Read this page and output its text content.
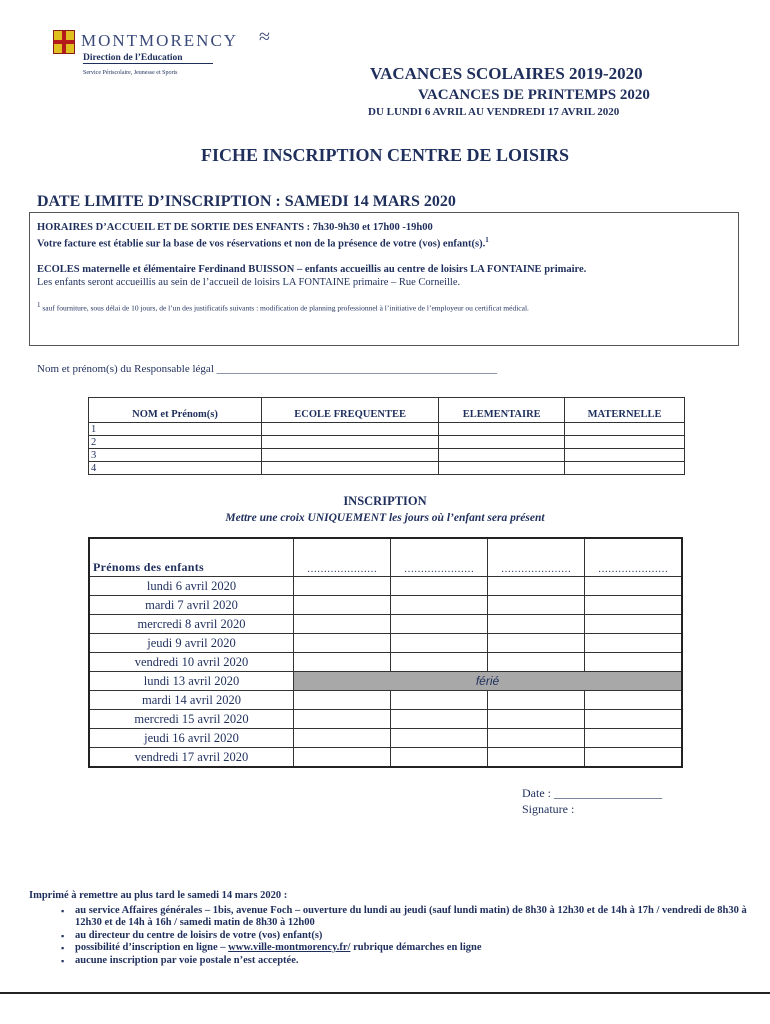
MONTMORENCY ≈
Direction de l’Education
Service Périscolaire, Jeunesse et Sports	VACANCES SCOLAIRES 2019-2020
VACANCES DE PRINTEMPS 2020
DU LUNDI 6 AVRIL AU VENDREDI 17 AVRIL 2020
FICHE INSCRIPTION CENTRE DE LOISIRS
DATE LIMITE D’INSCRIPTION : SAMEDI 14 MARS 2020

HORAIRES D’ACCUEIL ET DE SORTIE DES ENFANTS : 7h30-9h30 et 17h00 -19h00

Votre facture est établie sur la base de vos réservations et non de la présence de votre (vos) enfant(s).$^1$

ECOLES maternelle et élémentaire Ferdinand BUISSON – enfants accueillis au centre de loisirs LA FONTAINE primaire.

Les enfants seront accueillis au sein de l’accueil de loisirs LA FONTAINE primaire – Rue Corneille.

$^1$ sauf fourniture, sous délai de 10 jours, de l’un des justificatifs suivants : modification de planning professionnel à l’initiative de l’employeur ou certificat médical.

Nom et prénom(s) du Responsable légal ___________________________________________________
NOM et Prénom(s)	ECOLE FREQUENTEE	ELEMENTAIRE	MATERNELLE
1			
2			
3			
4			
INSCRIPTION
Mettre une croix UNIQUEMENT les jours où l’enfant sera présent
Prénoms des enfants	…………………	…………………	…………………	…………………
lundi 6 avril 2020				
mardi 7 avril 2020				
mercredi 8 avril 2020				
jeudi 9 avril 2020				
vendredi 10 avril 2020				
lundi 13 avril 2020	férié			
mardi 14 avril 2020				
mercredi 15 avril 2020				
jeudi 16 avril 2020				
vendredi 17 avril 2020				
Date : __________________
Signature :
Imprimé à remettre au plus tard le samedi 14 mars 2020 :
▪ au service Affaires générales – 1bis, avenue Foch – ouverture du lundi au jeudi (sauf lundi matin) de 8h30 à 12h30 et de 14h à 17h / vendredi de 8h30 à 12h30 et de 14h à 16h / samedi matin de 8h30 à 12h00
▪ au directeur du centre de loisirs de votre (vos) enfant(s)
▪ possibilité d’inscription en ligne – www.ville-montmorency.fr/ rubrique démarches en ligne
▪ aucune inscription par voie postale n’est acceptée.
